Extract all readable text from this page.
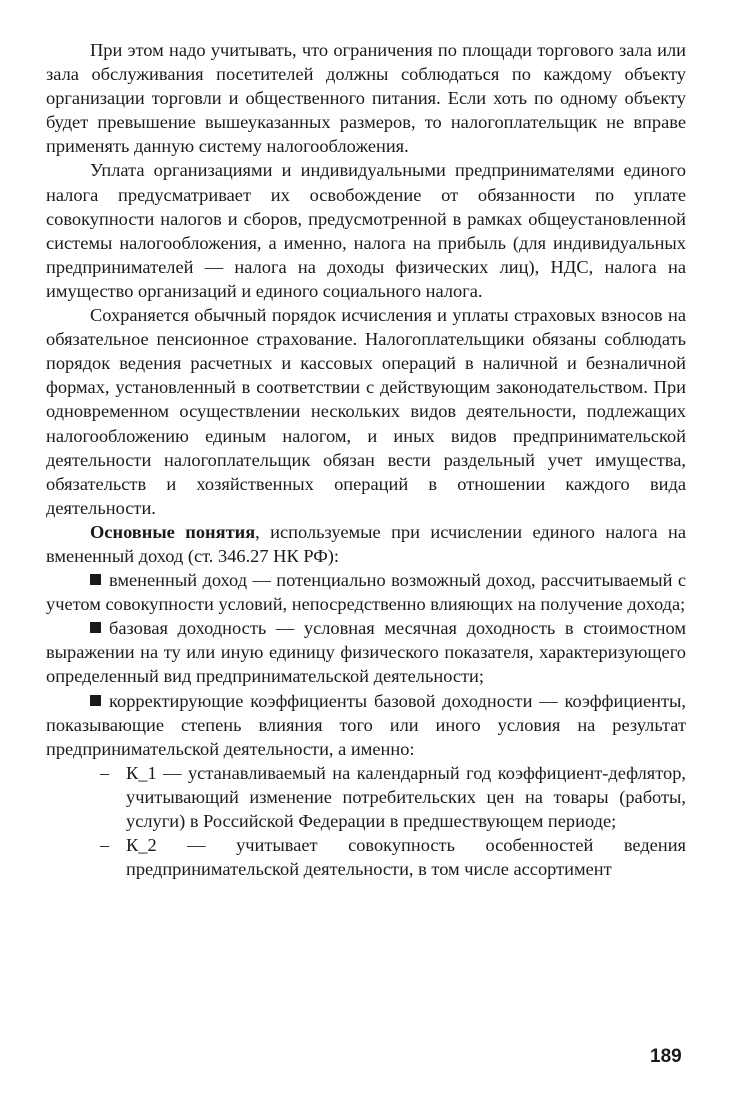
При этом надо учитывать, что ограничения по площади торгового зала или зала обслуживания посетителей должны соблюдаться по каждому объекту организации торговли и общественного питания. Если хоть по одному объекту будет превышение вышеуказанных размеров, то налогоплательщик не вправе применять данную систему налогообложения.

Уплата организациями и индивидуальными предпринимателями единого налога предусматривает их освобождение от обязанности по уплате совокупности налогов и сборов, предусмотренной в рамках общеустановленной системы налогообложения, а именно, налога на прибыль (для индивидуальных предпринимателей — налога на доходы физических лиц), НДС, налога на имущество организаций и единого социального налога.

Сохраняется обычный порядок исчисления и уплаты страховых взносов на обязательное пенсионное страхование. Налогоплательщики обязаны соблюдать порядок ведения расчетных и кассовых операций в наличной и безналичной формах, установленный в соответствии с действующим законодательством. При одновременном осуществлении нескольких видов деятельности, подлежащих налогообложению единым налогом, и иных видов предпринимательской деятельности налогоплательщик обязан вести раздельный учет имущества, обязательств и хозяйственных операций в отношении каждого вида деятельности.

Основные понятия, используемые при исчислении единого налога на вмененный доход (ст. 346.27 НК РФ):

вмененный доход — потенциально возможный доход, рассчитываемый с учетом совокупности условий, непосредственно влияющих на получение дохода;

базовая доходность — условная месячная доходность в стоимостном выражении на ту или иную единицу физического показателя, характеризующего определенный вид предпринимательской деятельности;

корректирующие коэффициенты базовой доходности — коэффициенты, показывающие степень влияния того или иного условия на результат предпринимательской деятельности, а именно:

– К_1 — устанавливаемый на календарный год коэффициент-дефлятор, учитывающий изменение потребительских цен на товары (работы, услуги) в Российской Федерации в предшествующем периоде;

– К_2 — учитывает совокупность особенностей ведения предпринимательской деятельности, в том числе ассортимент

189
